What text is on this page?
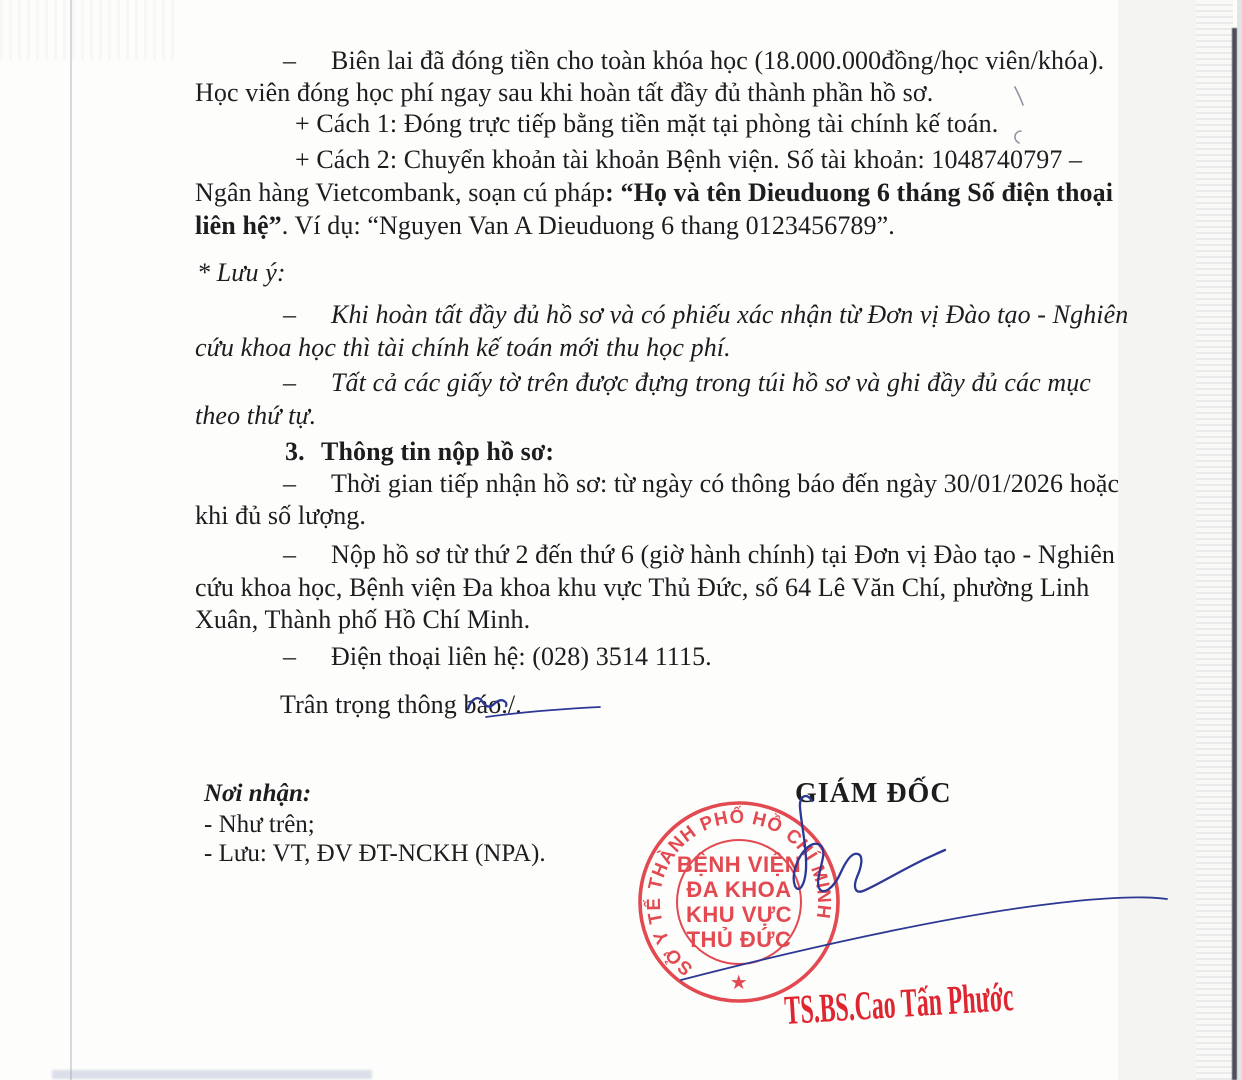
– Biên lai đã đóng tiền cho toàn khóa học (18.000.000đồng/học viên/khóa).
Học viên đóng học phí ngay sau khi hoàn tất đầy đủ thành phần hồ sơ.
+ Cách 1: Đóng trực tiếp bằng tiền mặt tại phòng tài chính kế toán.
+ Cách 2: Chuyển khoản tài khoản Bệnh viện. Số tài khoản: 1048740797 –
Ngân hàng Vietcombank, soạn cú pháp: “Họ và tên Dieuduong 6 tháng Số điện thoại
liên hệ”. Ví dụ: “Nguyen Van A Dieuduong 6 thang 0123456789”.
* Lưu ý:
– Khi hoàn tất đầy đủ hồ sơ và có phiếu xác nhận từ Đơn vị Đào tạo - Nghiên
cứu khoa học thì tài chính kế toán mới thu học phí.
– Tất cả các giấy tờ trên được đựng trong túi hồ sơ và ghi đầy đủ các mục
theo thứ tự.
3. Thông tin nộp hồ sơ:
– Thời gian tiếp nhận hồ sơ: từ ngày có thông báo đến ngày 30/01/2026 hoặc
khi đủ số lượng.
– Nộp hồ sơ từ thứ 2 đến thứ 6 (giờ hành chính) tại Đơn vị Đào tạo - Nghiên
cứu khoa học, Bệnh viện Đa khoa khu vực Thủ Đức, số 64 Lê Văn Chí, phường Linh
Xuân, Thành phố Hồ Chí Minh.
– Điện thoại liên hệ: (028) 3514 1115.
Trân trọng thông báo./.
Nơi nhận:
- Như trên;
- Lưu: VT, ĐV ĐT-NCKH (NPA).
GIÁM ĐỐC
TS.BS.Cao Tấn Phước
SỞ Y TẾ THÀNH PHỐ HỒ CHÍ MINH
BỆNH VIỆN
ĐA KHOA
KHU VỰC
THỦ ĐỨC
★
